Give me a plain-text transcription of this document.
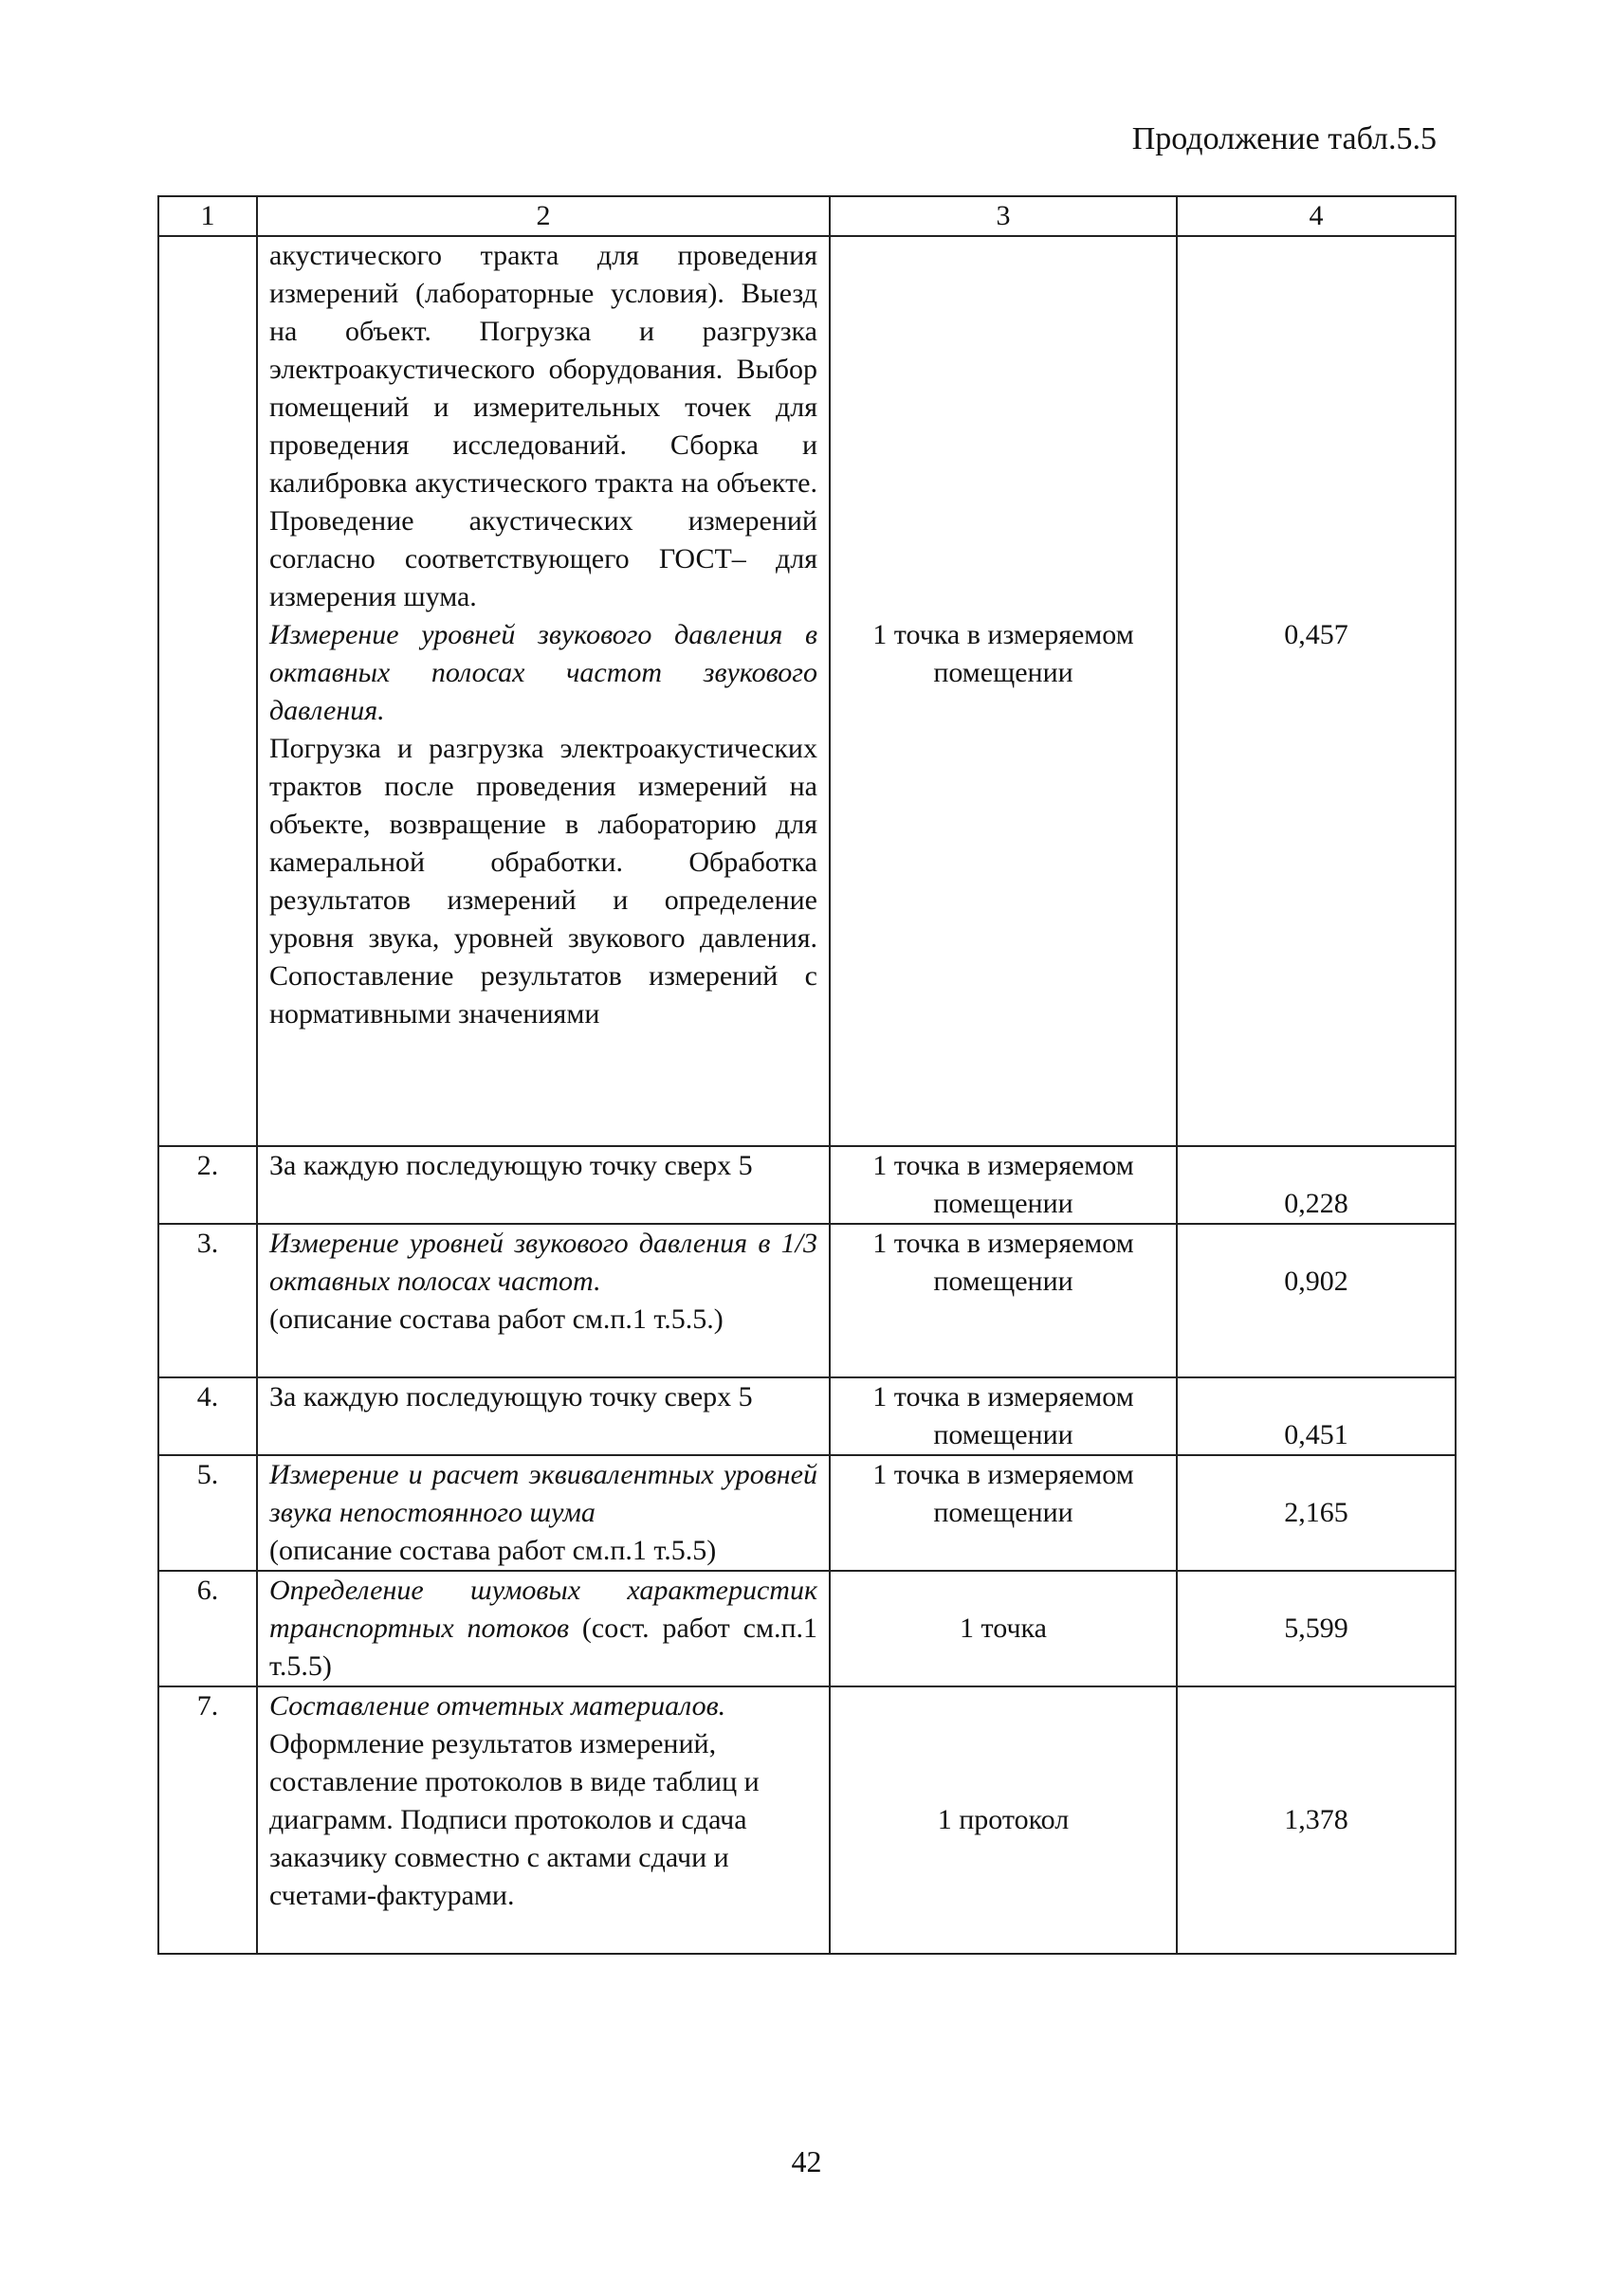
Продолжение табл.5.5
1	2	3	4

	акустического тракта для проведения измерений (лабораторные условия). Выезд на объект. Погрузка и разгрузка электроакустического оборудования. Выбор помещений и измерительных точек для проведения исследований. Сборка и калибровка акустического тракта на объекте. Проведение акустических измерений согласно соответствующего ГОСТ– для измерения шума.
Измерение уровней звукового давления в октавных полосах частот звукового давления.
Погрузка и разгрузка электроакустических трактов после проведения измерений на объекте, возвращение в лабораторию для камеральной обработки. Обработка результатов измерений и определение уровня звука, уровней звукового давления. Сопоставление результатов измерений с нормативными значениями	1 точка в измеряемом помещении	0,457
2.	За каждую последующую точку сверх 5	1 точка в измеряемом помещении	0,228
3.	Измерение уровней звукового давления в 1/3 октавных полосах частот.
(описание состава работ см.п.1 т.5.5.)	1 точка в измеряемом помещении	0,902
4.	За каждую последующую точку сверх 5	1 точка в измеряемом помещении	0,451
5.	Измерение и расчет эквивалентных уровней звука непостоянного шума
(описание состава работ см.п.1 т.5.5)	1 точка в измеряемом помещении	2,165
6.	Определение шумовых характеристик транспортных потоков (сост. работ см.п.1 т.5.5)	1 точка	5,599
7.	Составление отчетных материалов.
Оформление результатов измерений, составление протоколов в виде таблиц и диаграмм. Подписи протоколов и сдача заказчику совместно с актами сдачи и счетами-фактурами.	1 протокол	1,378
42
